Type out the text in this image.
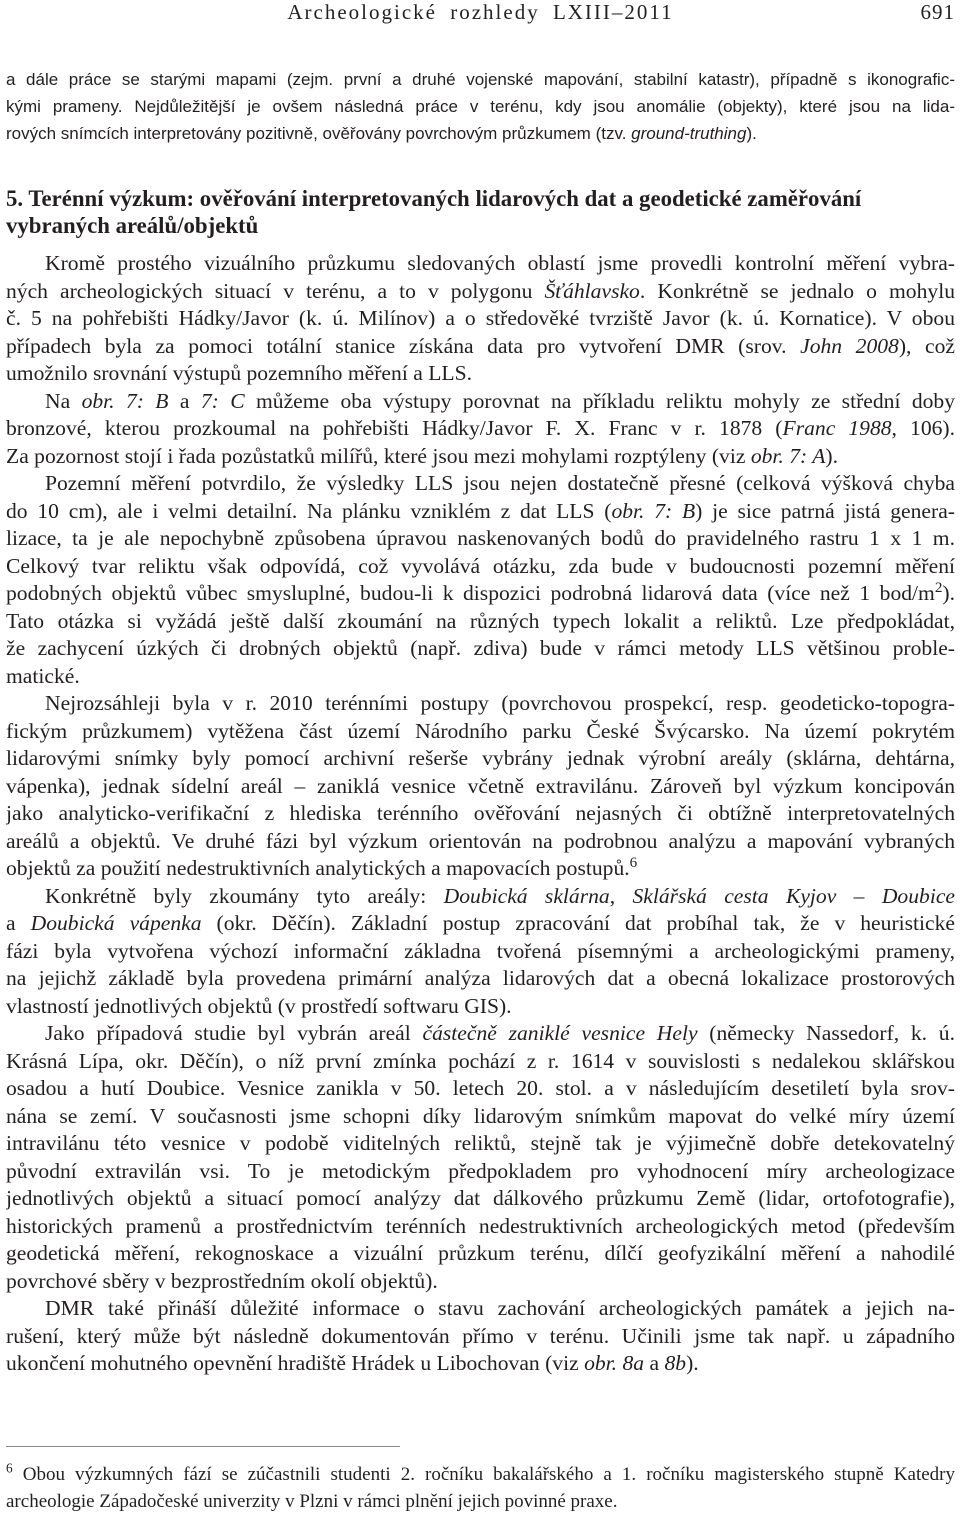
Archeologické rozhledy LXIII–2011	691
a dále práce se starými mapami (zejm. první a druhé vojenské mapování, stabilní katastr), případně s ikonografic-
kými prameny. Nejdůležitější je ovšem následná práce v terénu, kdy jsou anomálie (objekty), které jsou na lida-
rových snímcích interpretovány pozitivně, ověřovány povrchovým průzkumem (tzv. ground-truthing).
5. Terénní výzkum: ověřování interpretovaných lidarových dat a geodetické zaměřování
vybraných areálů/objektů
Kromě prostého vizuálního průzkumu sledovaných oblastí jsme provedli kontrolní měření vybra-
ných archeologických situací v terénu, a to v polygonu Šťáhlavsko. Konkrétně se jednalo o mohylu
č. 5 na pohřebišti Hádky/Javor (k. ú. Milínov) a o středověké tvrziště Javor (k. ú. Kornatice). V obou
případech byla za pomoci totální stanice získána data pro vytvoření DMR (srov. John 2008), což
umožnilo srovnání výstupů pozemního měření a LLS.
Na obr. 7: B a 7: C můžeme oba výstupy porovnat na příkladu reliktu mohyly ze střední doby
bronzové, kterou prozkoumal na pohřebišti Hádky/Javor F. X. Franc v r. 1878 (Franc 1988, 106).
Za pozornost stojí i řada pozůstatků milířů, které jsou mezi mohylami rozptýleny (viz obr. 7: A).
Pozemní měření potvrdilo, že výsledky LLS jsou nejen dostatečně přesné (celková výšková chyba
do 10 cm), ale i velmi detailní. Na plánku vzniklém z dat LLS (obr. 7: B) je sice patrná jistá genera-
lizace, ta je ale nepochybně způsobena úpravou naskenovaných bodů do pravidelného rastru 1 x 1 m.
Celkový tvar reliktu však odpovídá, což vyvolává otázku, zda bude v budoucnosti pozemní měření
podobných objektů vůbec smysluplné, budou-li k dispozici podrobná lidarová data (více než 1 bod/$m^2$).
Tato otázka si vyžádá ještě další zkoumání na různých typech lokalit a reliktů. Lze předpokládat,
že zachycení úzkých či drobných objektů (např. zdiva) bude v rámci metody LLS většinou proble-
matické.
Nejrozsáhleji byla v r. 2010 terénními postupy (povrchovou prospekcí, resp. geodeticko-topogra-
fickým průzkumem) vytěžena část území Národního parku České Švýcarsko. Na území pokrytém
lidarovými snímky byly pomocí archivní rešerše vybrány jednak výrobní areály (sklárna, dehtárna,
vápenka), jednak sídelní areál – zaniklá vesnice včetně extravilánu. Zároveň byl výzkum koncipován
jako analyticko-verifikační z hlediska terénního ověřování nejasných či obtížně interpretovatelných
areálů a objektů. Ve druhé fázi byl výzkum orientován na podrobnou analýzu a mapování vybraných
objektů za použití nedestruktivních analytických a mapovacích postupů.$^6$
Konkrétně byly zkoumány tyto areály: Doubická sklárna, Sklářská cesta Kyjov – Doubice
a Doubická vápenka (okr. Děčín). Základní postup zpracování dat probíhal tak, že v heuristické
fázi byla vytvořena výchozí informační základna tvořená písemnými a archeologickými prameny,
na jejichž základě byla provedena primární analýza lidarových dat a obecná lokalizace prostorových
vlastností jednotlivých objektů (v prostředí softwaru GIS).
Jako případová studie byl vybrán areál částečně zaniklé vesnice Hely (německy Nassedorf, k. ú.
Krásná Lípa, okr. Děčín), o níž první zmínka pochází z r. 1614 v souvislosti s nedalekou sklářskou
osadou a hutí Doubice. Vesnice zanikla v 50. letech 20. stol. a v následujícím desetiletí byla srov-
nána se zemí. V současnosti jsme schopni díky lidarovým snímkům mapovat do velké míry území
intravilánu této vesnice v podobě viditelných reliktů, stejně tak je výjimečně dobře detekovatelný
původní extravilán vsi. To je metodickým předpokladem pro vyhodnocení míry archeologizace
jednotlivých objektů a situací pomocí analýzy dat dálkového průzkumu Země (lidar, ortofotografie),
historických pramenů a prostřednictvím terénních nedestruktivních archeologických metod (především
geodetická měření, rekognoskace a vizuální průzkum terénu, dílčí geofyzikální měření a nahodilé
povrchové sběry v bezprostředním okolí objektů).
DMR také přináší důležité informace o stavu zachování archeologických památek a jejich na-
rušení, který může být následně dokumentován přímo v terénu. Učinili jsme tak např. u západního
ukončení mohutného opevnění hradiště Hrádek u Libochovan (viz obr. 8a a 8b).
$^6$ Obou výzkumných fází se zúčastnili studenti 2. ročníku bakalářského a 1. ročníku magisterského stupně Katedry
archeologie Západočeské univerzity v Plzni v rámci plnění jejich povinné praxe.
